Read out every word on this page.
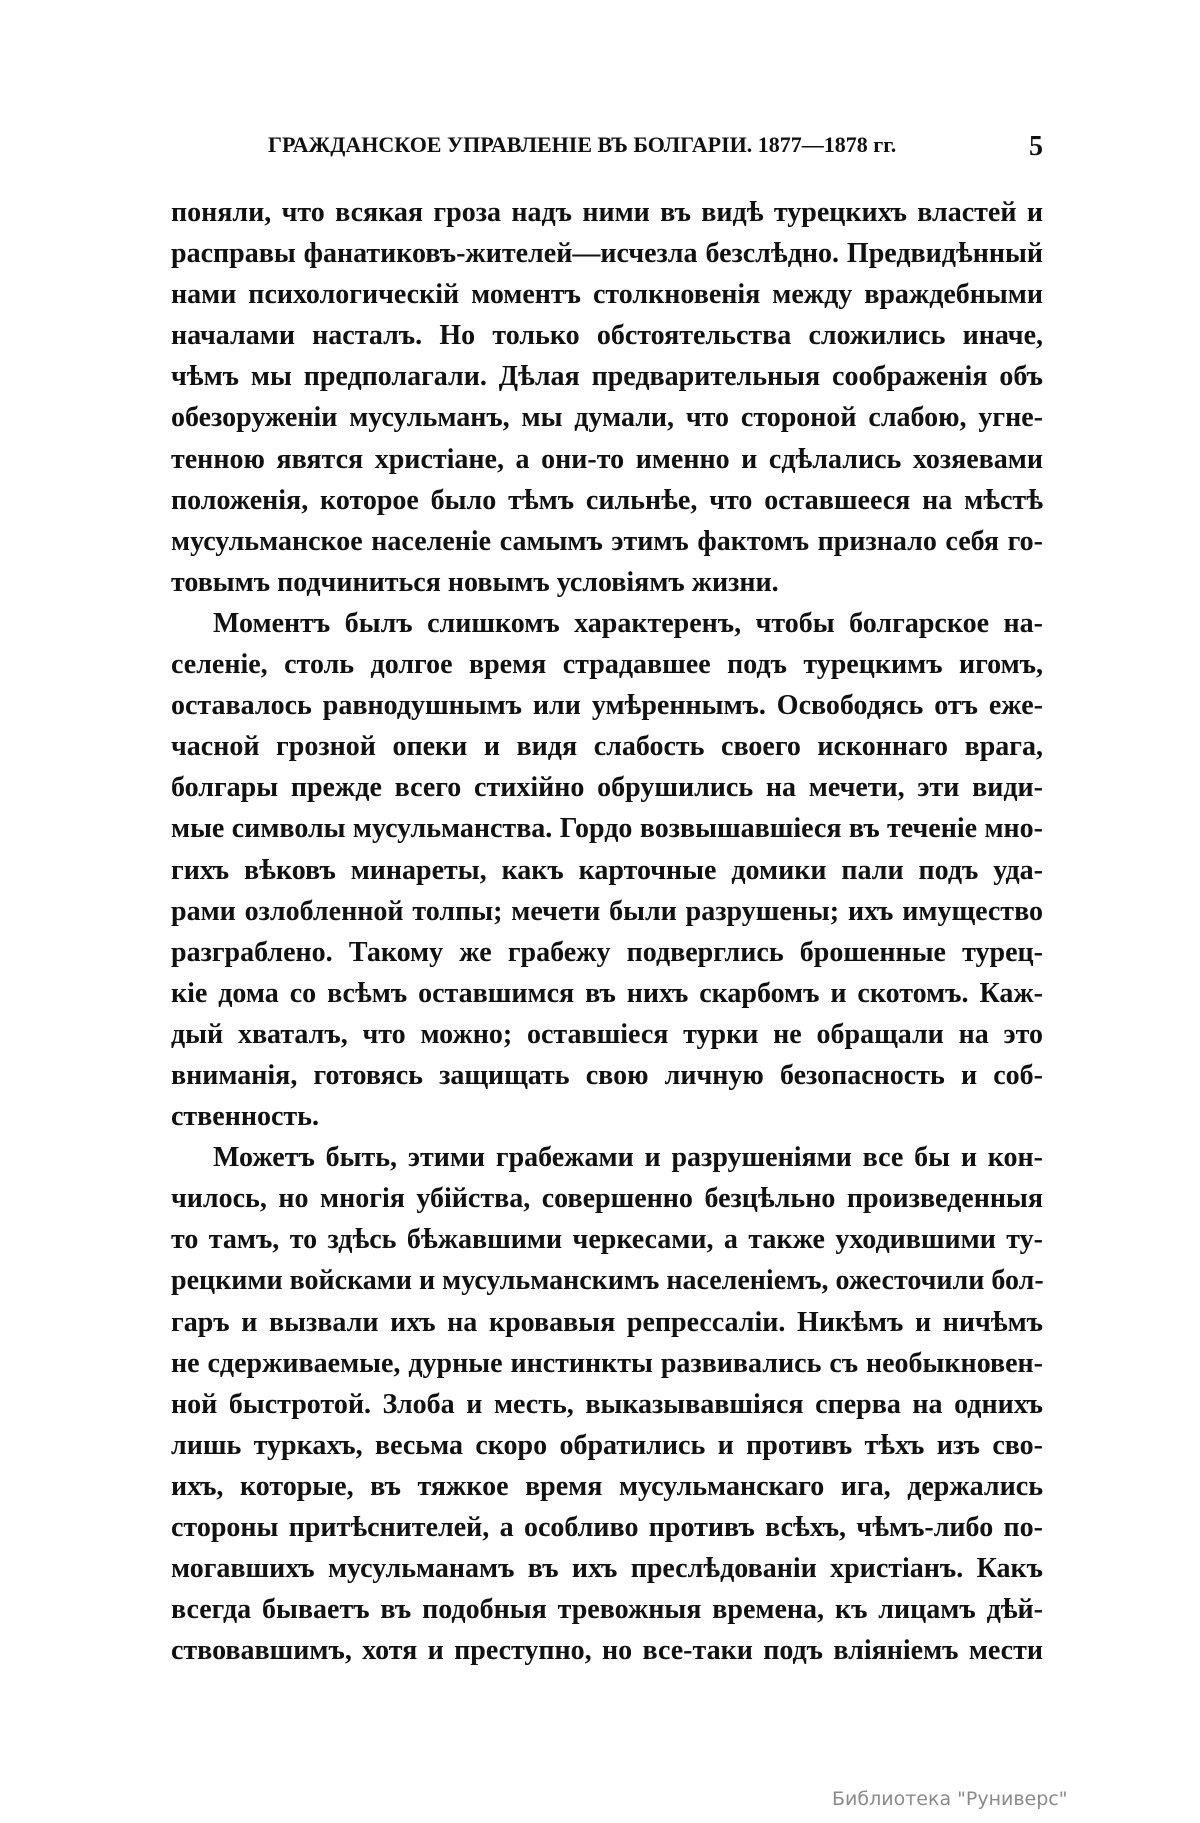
ГРАЖДАНСКОЕ УПРАВЛЕНІЕ ВЪ БОЛГАРІИ. 1877—1878 гг.	5
поняли, что всякая гроза надъ ними въ видѣ турецкихъ властей и
расправы фанатиковъ-жителей—исчезла безслѣдно. Предвидѣнный
нами психологическій моментъ столкновенія между враждебными
началами насталъ. Но только обстоятельства сложились иначе,
чѣмъ мы предполагали. Дѣлая предварительныя соображенія объ
обезоруженіи мусульманъ, мы думали, что стороной слабою, угне-
тенною явятся христіане, а они-то именно и сдѣлались хозяевами
положенія, которое было тѣмъ сильнѣе, что оставшееся на мѣстѣ
мусульманское населеніе самымъ этимъ фактомъ признало себя го-
товымъ подчиниться новымъ условіямъ жизни.
Моментъ былъ слишкомъ характеренъ, чтобы болгарское на-
селеніе, столь долгое время страдавшее подъ турецкимъ игомъ,
оставалось равнодушнымъ или умѣреннымъ. Освободясь отъ еже-
часной грозной опеки и видя слабость своего исконнаго врага,
болгары прежде всего стихійно обрушились на мечети, эти види-
мые символы мусульманства. Гордо возвышавшіеся въ теченіе мно-
гихъ вѣковъ минареты, какъ карточные домики пали подъ уда-
рами озлобленной толпы; мечети были разрушены; ихъ имущество
разграблено. Такому же грабежу подверглись брошенные турец-
кіе дома со всѣмъ оставшимся въ нихъ скарбомъ и скотомъ. Каж-
дый хваталъ, что можно; оставшіеся турки не обращали на это
вниманія, готовясь защищать свою личную безопасность и соб-
ственность.
Можетъ быть, этими грабежами и разрушеніями все бы и кон-
чилось, но многія убійства, совершенно безцѣльно произведенныя
то тамъ, то здѣсь бѣжавшими черкесами, а также уходившими ту-
рецкими войсками и мусульманскимъ населеніемъ, ожесточили бол-
гаръ и вызвали ихъ на кровавыя репрессаліи. Никѣмъ и ничѣмъ
не сдерживаемые, дурные инстинкты развивались съ необыкновен-
ной быстротой. Злоба и месть, выказывавшіяся сперва на однихъ
лишь туркахъ, весьма скоро обратились и противъ тѣхъ изъ сво-
ихъ, которые, въ тяжкое время мусульманскаго ига, держались
стороны притѣснителей, а особливо противъ всѣхъ, чѣмъ-либо по-
могавшихъ мусульманамъ въ ихъ преслѣдованіи христіанъ. Какъ
всегда бываетъ въ подобныя тревожныя времена, къ лицамъ дѣй-
ствовавшимъ, хотя и преступно, но все-таки подъ вліяніемъ мести
Библиотека "Руниверс"
